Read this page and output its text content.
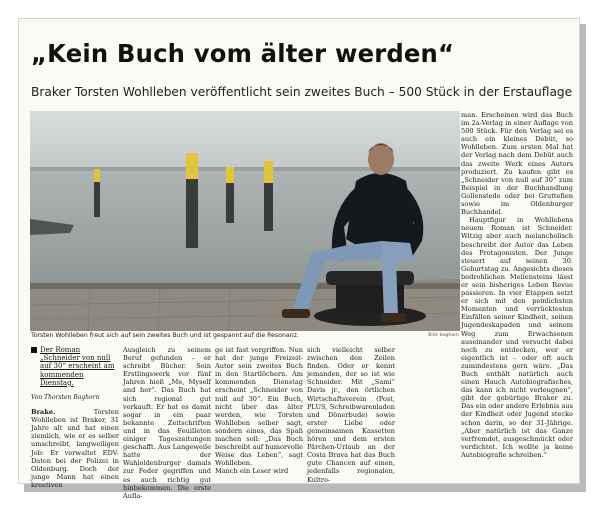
„Kein Buch vom älter werden“
Braker Torsten Wohlleben veröffentlicht sein zweites Buch – 500 Stück in der Erstauflage
Torsten Wohlleben freut sich auf sein zweites Buch und ist gespannt auf die Resonanz.	Bild: baghorn

man. Erscheinen wird das Buch im 2a-Verlag in einer Auflage von 500 Stück. Für den Verlag sei es auch ein kleines Debüt, so Wohlleben. Zum ersten Mal hat der Verlag nach dem Debüt auch das zweite Werk eines Autors produziert. Zu kaufen gibt es „Schneider von null auf 30“ zum Beispiel in der Buchhandlung Gollenstede oder bei Gruttefien sowie im Oldenburger Buchhandel.

Hauptfigur in Wohllebens neuem Roman ist Schneider. Witzig aber auch melancholisch beschreibt der Autor das Leben des Protagonisten. Der Junge steuert auf seinen 30. Geburtstag zu. Angesichts dieses bedrohlichen Meilensteins lässt er sein bisheriges Leben Revue passieren. In vier Etappen setzt er sich mit den peinlichsten Momenten und verrücktesten Einfällen seiner Kindheit, seinen Jugendeskapaden und seinem Weg zum Erwachsenen auseinander und versucht dabei noch zu entdecken, wer er eigentlich ist – oder oft auch zumindestens gern wäre. „Das Buch enthält natürlich auch einen Hauch Autobiografisches, das kann ich nicht verleugnen“, gibt der gebürtige Braker zu. Das ein oder andere Erlebnis aus der Kindheit oder Jugend stecke schon darin, so der 31-Jährige. „Aber natürlich ist das Ganze verfremdet, ausgeschmückt oder verdichtet. Ich wollte ja keine Autobiografie schreiben.“

Der Roman „Schneider von null auf 30“ erscheint am kommenden Dienstag.
Von Thorsten Baghorn

Brake.	Torsten Wohlleben ist Braker, 31 Jahre alt und hat einen ziemlich, wie er es selber umschreibt, langweiligen Job: Er verwaltet EDV-Daten bei der Polizei in Oldenburg. Doch der junge Mann hat einen kreativen

Ausgleich zu seinem Beruf gefunden – er schreibt Bücher. Sein Erstlingswerk vor fünf Jahren hieß „Me, Myself and her“. Das Buch hat sich regional gut verkauft. Er hat es damit sogar in ein paar bekannte Zeitschriften und in das Feuilleton einiger Tageszeitungen geschafft. Aus Langeweile hatte der Wahloldenburger damals zur Feder gegriffen und es auch richtig gut hinbekommen. Die erste Aufla-

ge ist fast vergriffen. Nun hat der junge Freizeit-Autor sein zweites Buch in den Startlöchern. Am kommenden Dienstag erscheint „Schneider von null auf 30“. Ein Buch, nicht über das älter werden, wie Torsten Wohlleben selber sagt, sondern eines, das Spaß machen soll: „Das Buch beschreibt auf humorvolle Weise das Leben“, sagt Wohlleben.
Manch ein Leser wird

sich vielleicht selber zwischen den Zeilen finden. Oder er kennt jemanden, der so ist wie Schneider. Mit „Sami“ Davis jr., den örtlichen Wirtschaftsverein (Post, PLUS, Schreibwarenladen und Dönerbude) sowie erster Liebe oder gemeinsamen Kassetten hören und dem ersten Pärchen-Urlaub an der Costa Brava hat das Buch gute Chancen auf einen, jedenfalls regionalen, Kultro-
